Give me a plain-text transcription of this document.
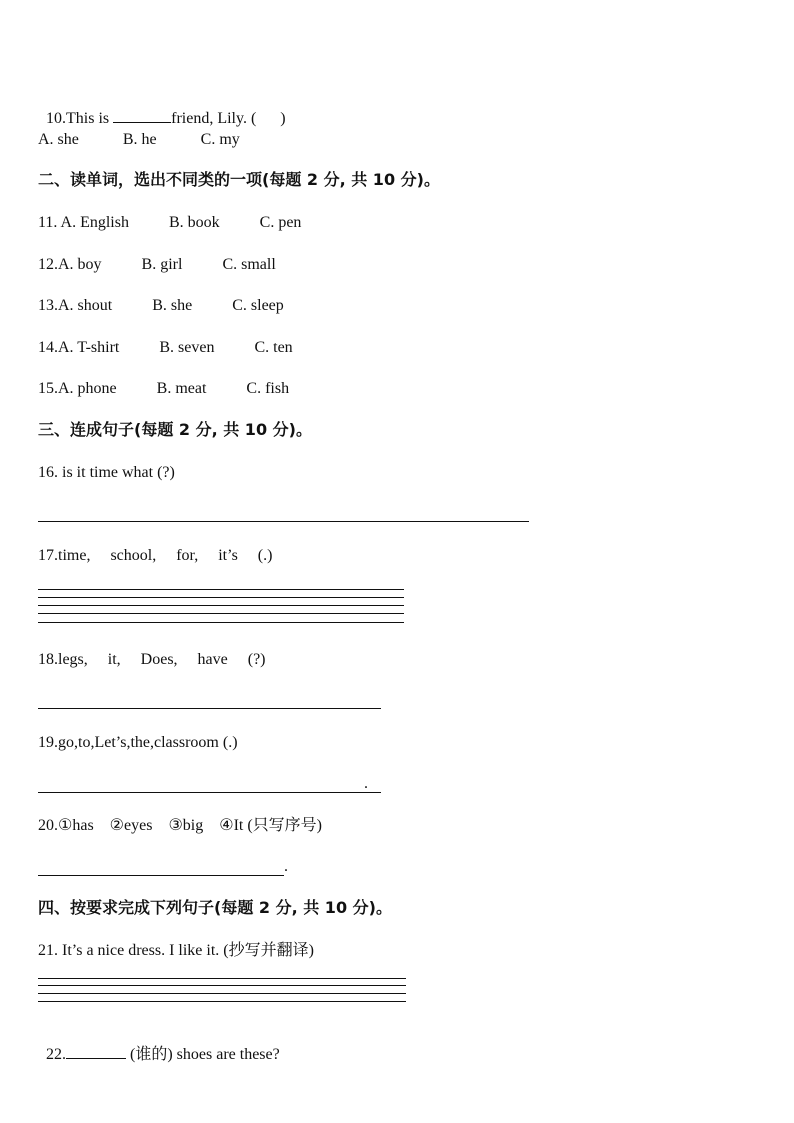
10.This is	friend, Lily. (      )

A. she           B. he           C. my
二、读单词，选出不同类的一项(每题 2 分, 共 10 分)。
11. A. English          B. book          C. pen
12.A. boy          B. girl          C. small
13.A. shout          B. she          C. sleep
14.A. T-shirt          B. seven          C. ten
15.A. phone          B. meat          C. fish
三、连成句子(每题 2 分, 共 10 分)。
16. is it time what (?)
17.time,     school,     for,     it’s     (.)
18.legs,     it,     Does,     have     (?)
19.go,to,Let’s,the,classroom (.)
.
20.①has    ②eyes    ③big    ④It (只写序号)
.
四、按要求完成下列句子(每题 2 分, 共 10 分)。
21. It’s a nice dress. I like it. (抄写并翻译)

22.	(谁的) shoes are these?
